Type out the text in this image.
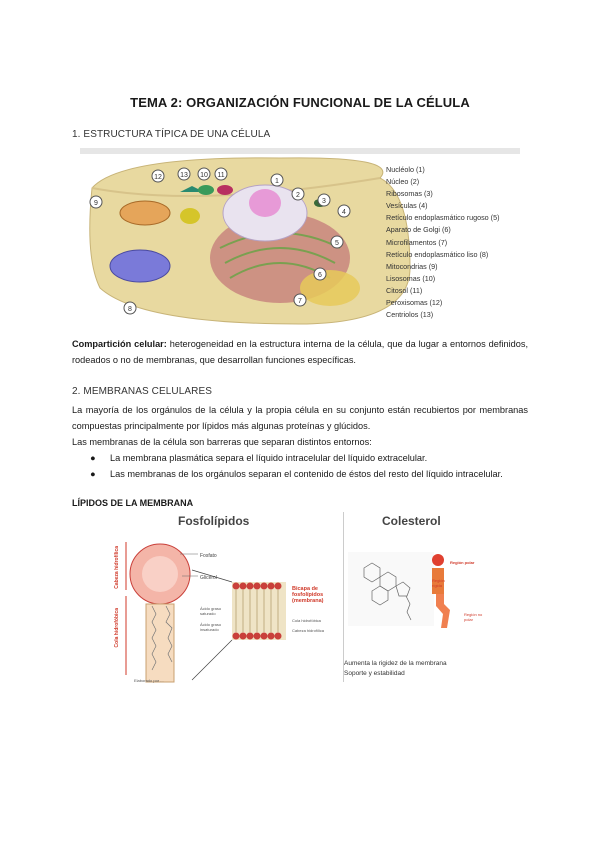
TEMA 2: ORGANIZACIÓN FUNCIONAL DE LA CÉLULA
1. ESTRUCTURA TÍPICA DE UNA CÉLULA
1
2
3
4
5
6
7
8
9
10 11
12	13
Nucléolo (1)
Núcleo (2)
Ribosomas (3)
Vesículas (4)
Retículo endoplasmático rugoso (5)
Aparato de Golgi (6)
Microfilamentos (7)
Retículo endoplasmático liso (8)
Mitocondrias (9)
Lisosomas (10)
Citosol (11)
Peroxisomas (12)
Centriolos (13)
Compartición celular: heterogeneidad en la estructura interna de la célula, que da lugar a entornos definidos, rodeados o no de membranas, que desarrollan funciones específicas.
2. MEMBRANAS CELULARES
La mayoría de los orgánulos de la célula y la propia célula en su conjunto están recubiertos por membranas compuestas principalmente por lípidos más algunas proteínas y glúcidos.
Las membranas de la célula son barreras que separan distintos entornos:
●	La membrana plasmática separa el líquido intracelular del líquido extracelular.
●	Las membranas de los orgánulos separan el contenido de éstos del resto del líquido intracelular.
LÍPIDOS DE LA MEMBRANA
Fosfolípidos	Colesterol
Cabeza hidrofílica
Cola hidrofóbica
Fosfato
Glicerol
Ácido graso saturado
Ácido graso insaturado
Bicapa de fosfolípidos (membrana)
Cola hidrofóbica
Cabeza hidrofílica
Elaborado por ...
Región polar
Región rígida
Región no polar
Aumenta la rigidez de la membrana
Soporte y estabilidad
